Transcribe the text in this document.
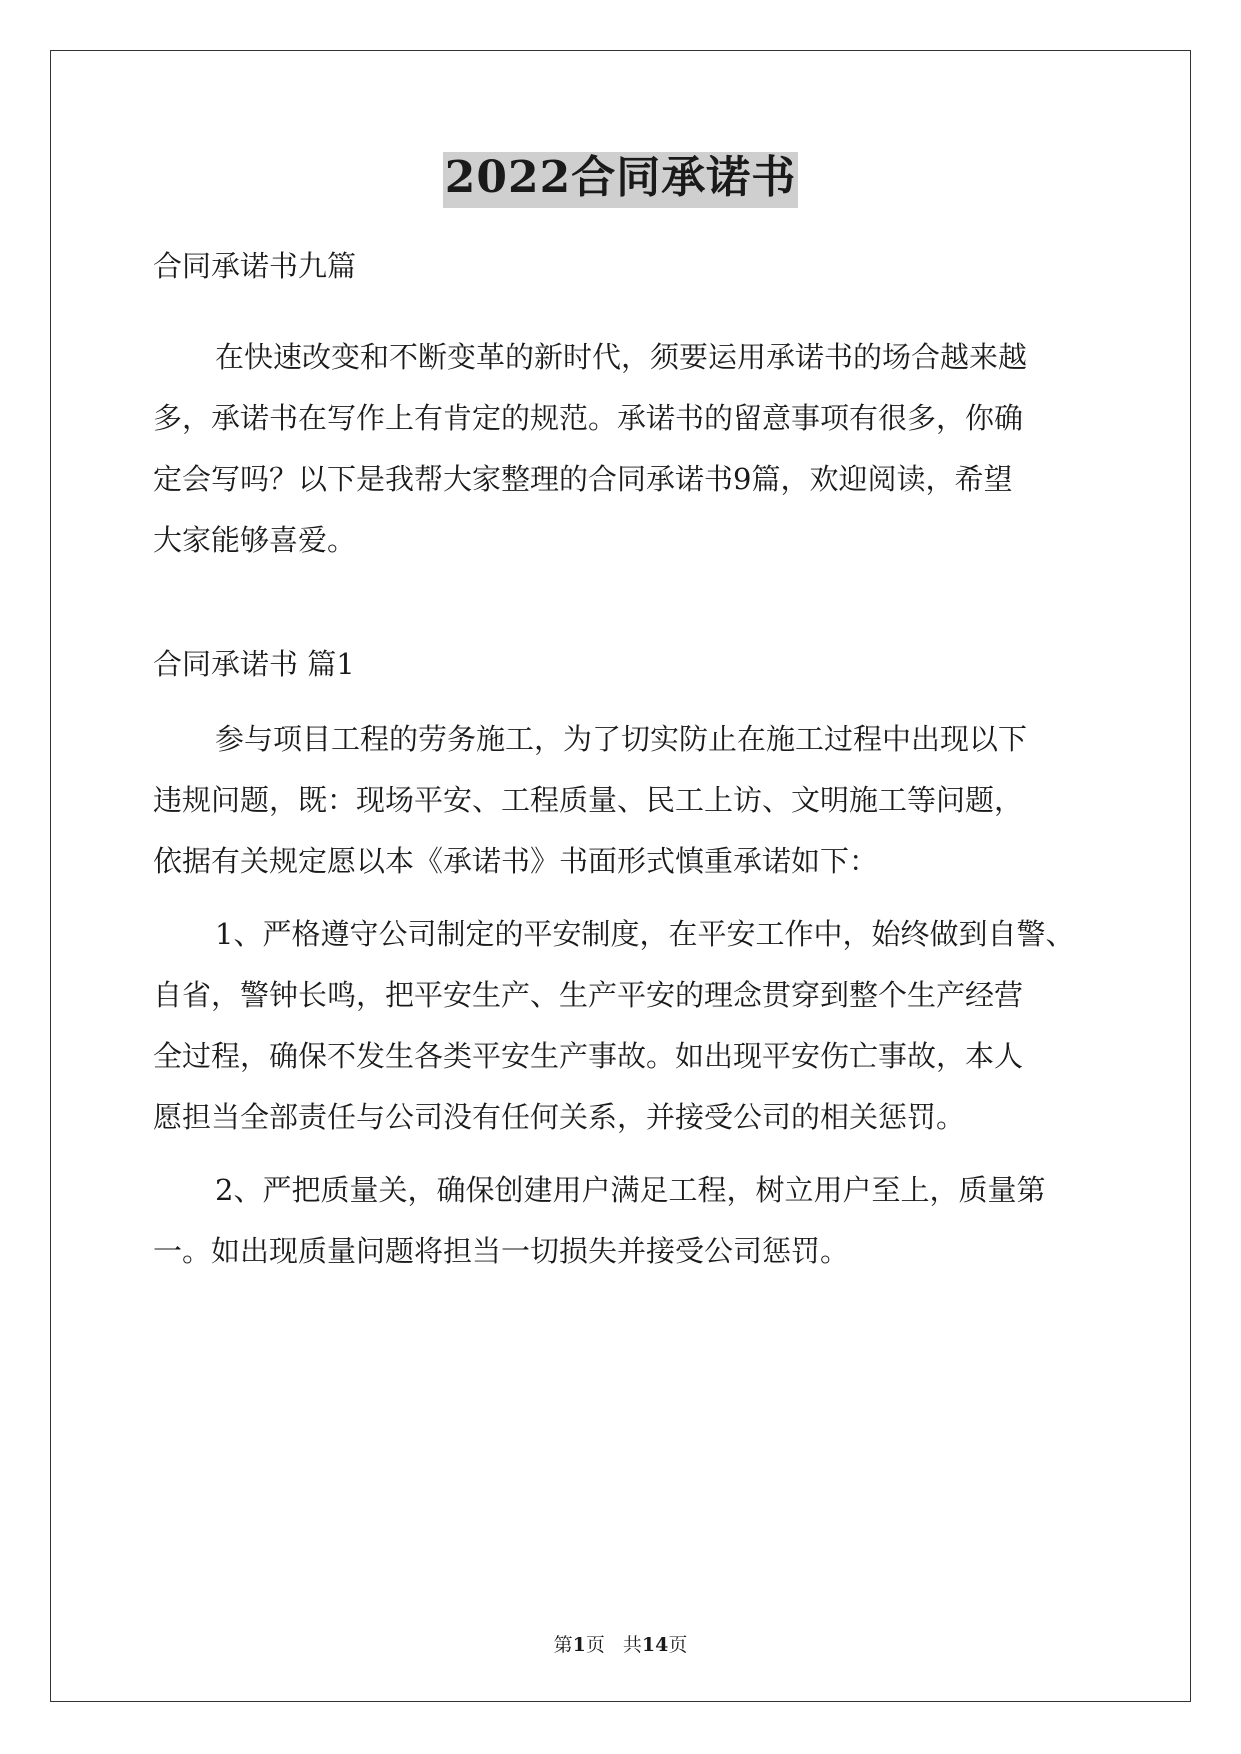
2022合同承诺书

合同承诺书九篇

在快速改变和不断变革的新时代，须要运用承诺书的场合越来越

多，承诺书在写作上有肯定的规范。承诺书的留意事项有很多，你确

定会写吗？以下是我帮大家整理的合同承诺书9篇，欢迎阅读，希望

大家能够喜爱。

合同承诺书 篇1

参与项目工程的劳务施工，为了切实防止在施工过程中出现以下

违规问题，既：现场平安、工程质量、民工上访、文明施工等问题，

依据有关规定愿以本《承诺书》书面形式慎重承诺如下：

1、严格遵守公司制定的平安制度，在平安工作中，始终做到自警、

自省，警钟长鸣，把平安生产、生产平安的理念贯穿到整个生产经营

全过程，确保不发生各类平安生产事故。如出现平安伤亡事故，本人

愿担当全部责任与公司没有任何关系，并接受公司的相关惩罚。

2、严把质量关，确保创建用户满足工程，树立用户至上，质量第

一。如出现质量问题将担当一切损失并接受公司惩罚。

第1页 共14页
